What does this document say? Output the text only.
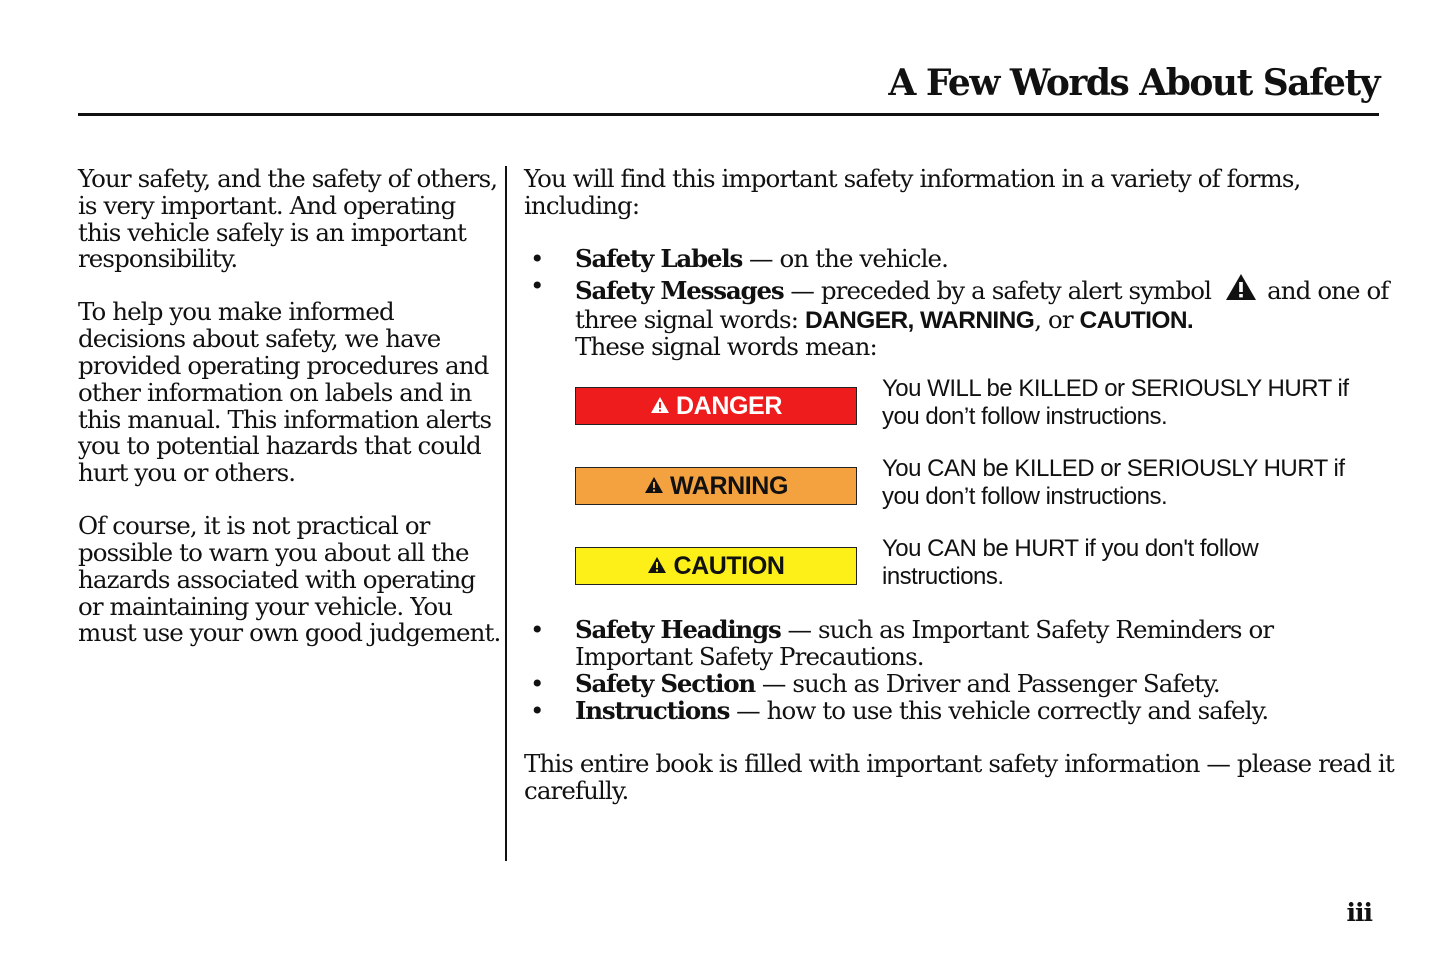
A Few Words About Safety

Your safety, and the safety of others, is very important. And operating this vehicle safely is an important responsibility.

To help you make informed decisions about safety, we have provided operating procedures and other information on labels and in this manual. This information alerts you to potential hazards that could hurt you or others.

Of course, it is not practical or possible to warn you about all the hazards associated with operating or maintaining your vehicle. You must use your own good judgement.

You will find this important safety information in a variety of forms, including:

• Safety Labels — on the vehicle.

• Safety Messages — preceded by a safety alert symbol and one of
three signal words: DANGER, WARNING, or CAUTION.
These signal words mean:

DANGER
You WILL be KILLED or SERIOUSLY HURT if you don’t follow instructions.
WARNING
You CAN be KILLED or SERIOUSLY HURT if you don’t follow instructions.
CAUTION
You CAN be HURT if you don't follow instructions.

• Safety Headings — such as Important Safety Reminders or Important Safety Precautions.

• Safety Section — such as Driver and Passenger Safety.

• Instructions — how to use this vehicle correctly and safely.

This entire book is filled with important safety information — please read it carefully.

iii
